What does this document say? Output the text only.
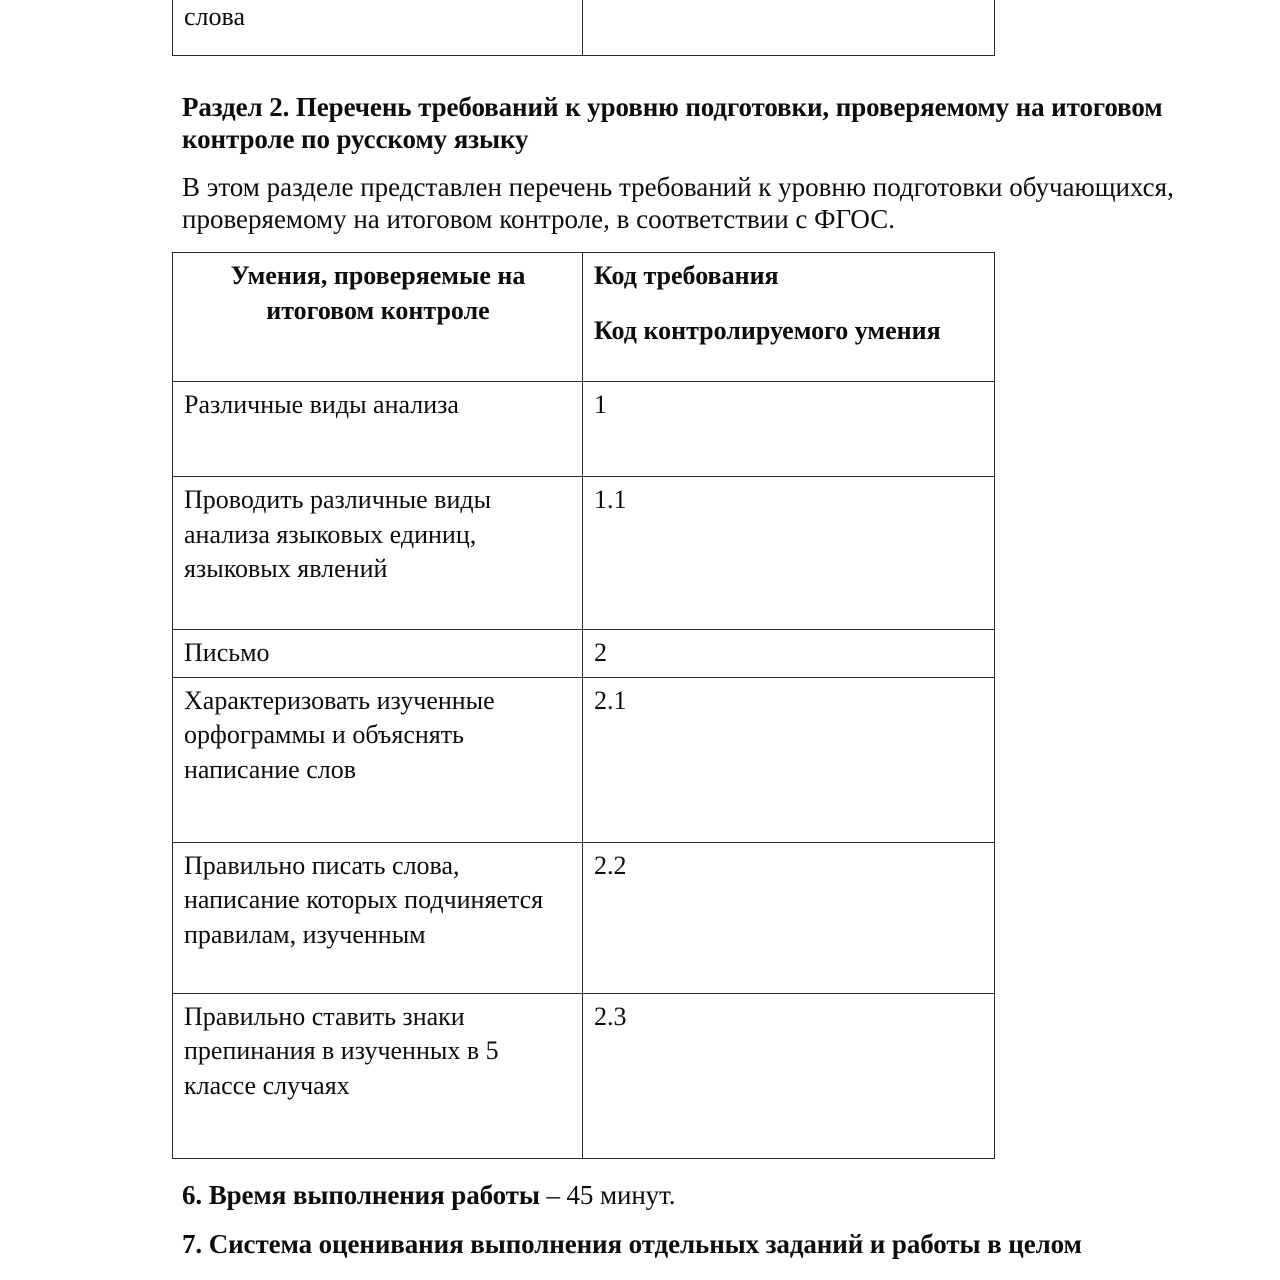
слова	
Раздел 2. Перечень требований к уровню подготовки, проверяемому на итоговом контроле по русскому языку
В этом разделе представлен перечень требований к уровню подготовки обучающихся, проверяемому на итоговом контроле, в соответствии с ФГОС.
Умения, проверяемые на итоговом контроле	Код требования
Код контролируемого умения

Различные виды анализа	1
Проводить различные виды анализа языковых единиц, языковых явлений	1.1
Письмо	2
Характеризовать изученные орфограммы и объяснять написание слов	2.1
Правильно писать слова, написание которых подчиняется правилам, изученным	2.2
Правильно ставить знаки препинания в изученных в 5 классе случаях	2.3
6. Время выполнения работы – 45 минут.
7. Система оценивания выполнения отдельных заданий и работы в целом
